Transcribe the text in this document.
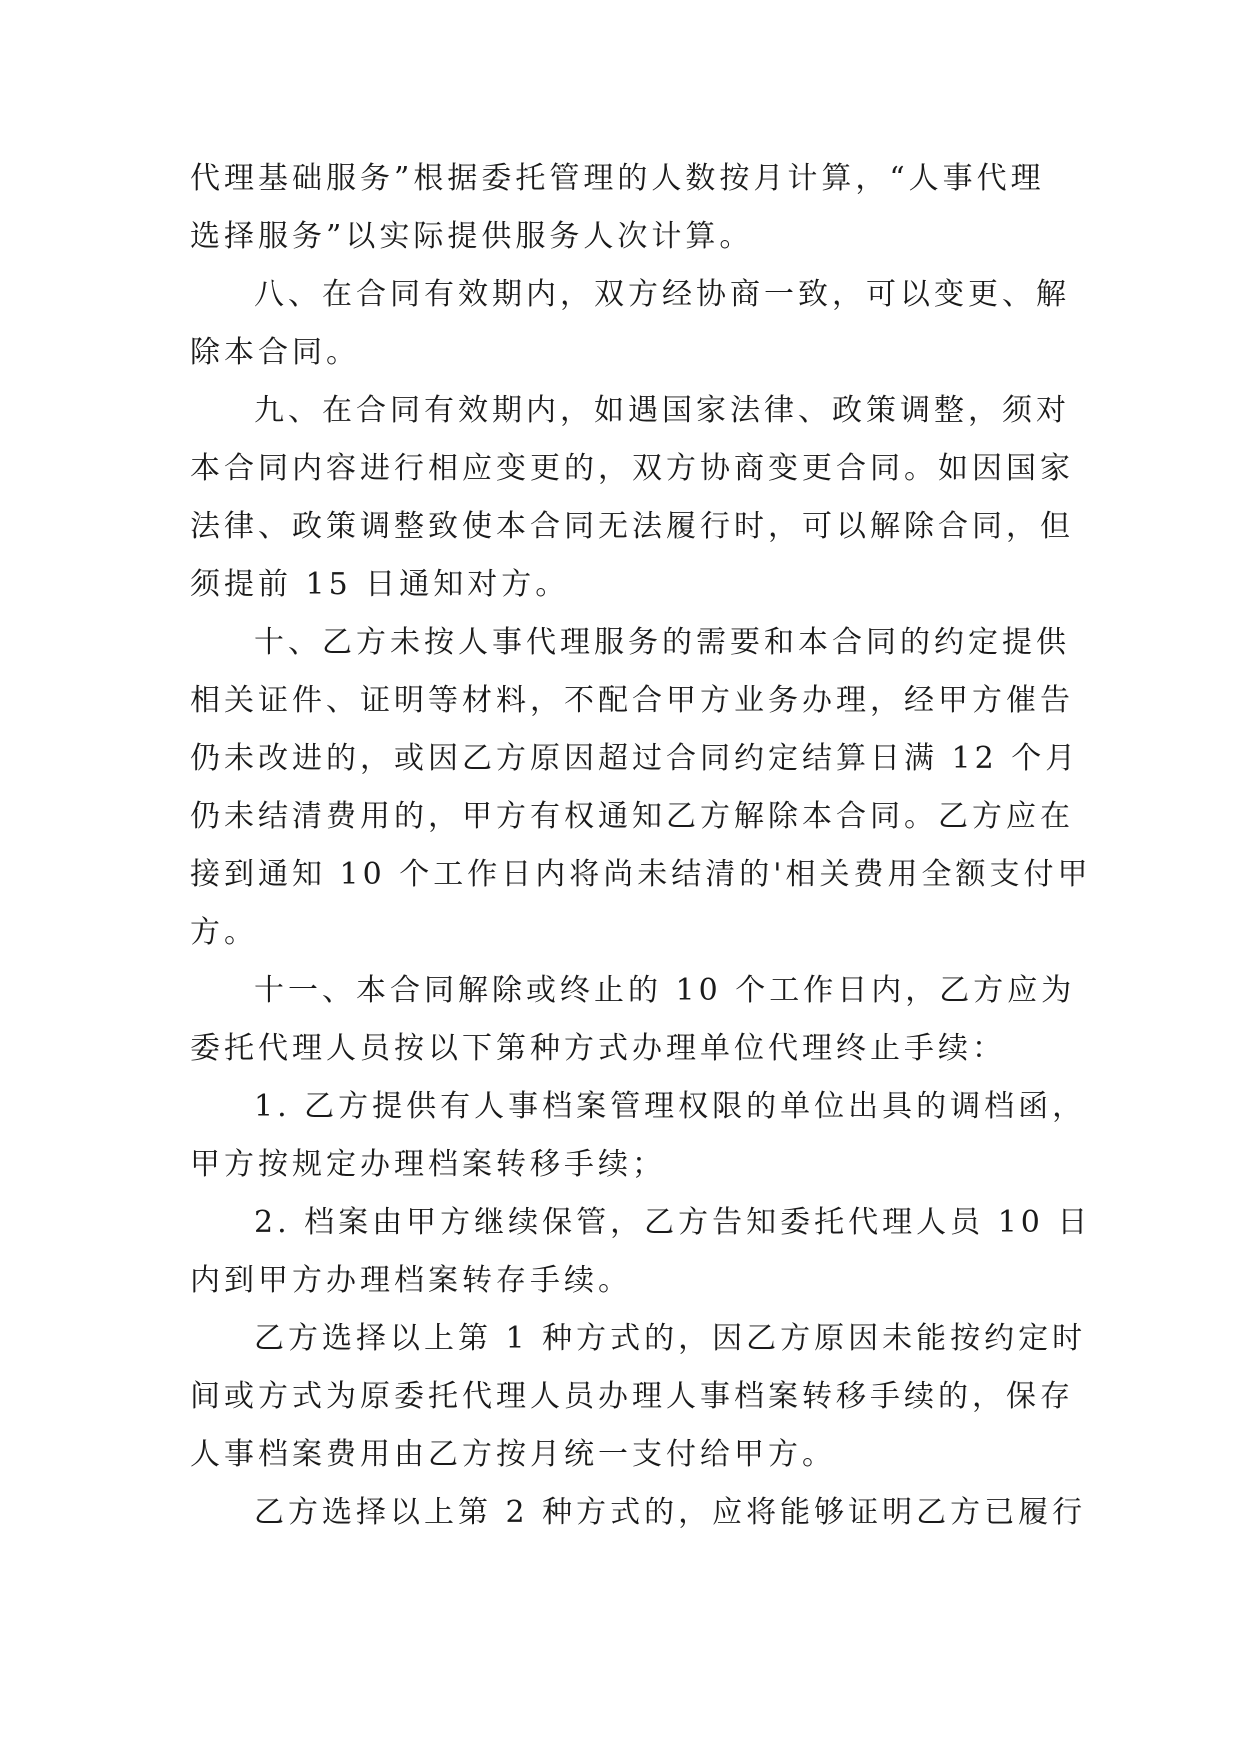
代理基础服务”根据委托管理的人数按月计算，“人事代理
选择服务”以实际提供服务人次计算。
八、在合同有效期内，双方经协商一致，可以变更、解
除本合同。
九、在合同有效期内，如遇国家法律、政策调整，须对
本合同内容进行相应变更的，双方协商变更合同。如因国家
法律、政策调整致使本合同无法履行时，可以解除合同，但
须提前 15 日通知对方。
十、乙方未按人事代理服务的需要和本合同的约定提供
相关证件、证明等材料，不配合甲方业务办理，经甲方催告
仍未改进的，或因乙方原因超过合同约定结算日满 12 个月
仍未结清费用的，甲方有权通知乙方解除本合同。乙方应在
接到通知 10 个工作日内将尚未结清的'相关费用全额支付甲
方。
十一、本合同解除或终止的 10 个工作日内，乙方应为
委托代理人员按以下第种方式办理单位代理终止手续：
1. 乙方提供有人事档案管理权限的单位出具的调档函，
甲方按规定办理档案转移手续；
2. 档案由甲方继续保管，乙方告知委托代理人员 10 日
内到甲方办理档案转存手续。
乙方选择以上第 1 种方式的，因乙方原因未能按约定时
间或方式为原委托代理人员办理人事档案转移手续的，保存
人事档案费用由乙方按月统一支付给甲方。
乙方选择以上第 2 种方式的，应将能够证明乙方已履行
